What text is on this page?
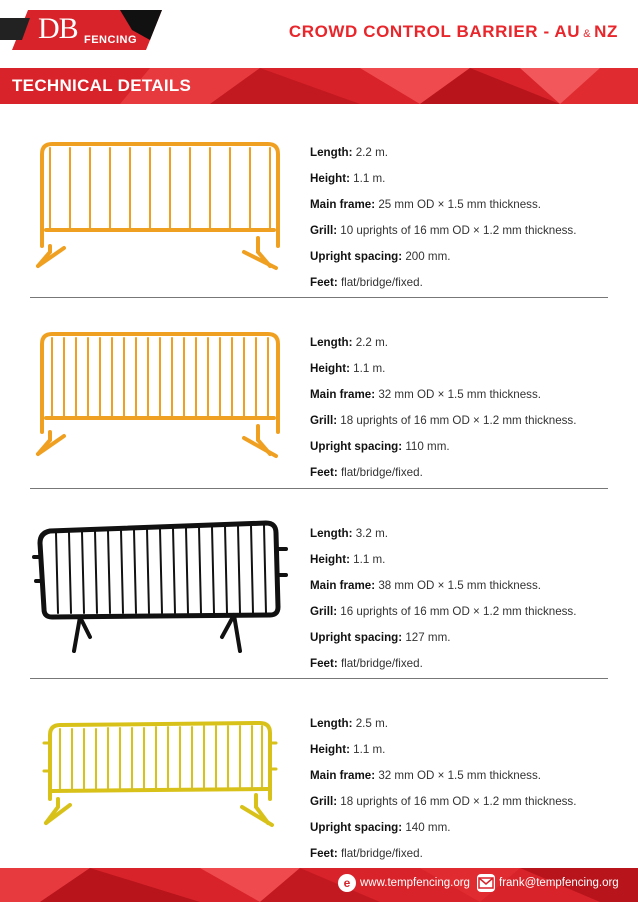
DB FENCING	CROWD CONTROL BARRIER - AU & NZ
TECHNICAL DETAILS
Length: 2.2 m.
Height: 1.1 m.
Main frame: 25 mm OD × 1.5 mm thickness.
Grill: 10 uprights of 16 mm OD × 1.2 mm thickness.
Upright spacing: 200 mm.
Feet: flat/bridge/fixed.
Length: 2.2 m.
Height: 1.1 m.
Main frame: 32 mm OD × 1.5 mm thickness.
Grill: 18 uprights of 16 mm OD × 1.2 mm thickness.
Upright spacing: 110 mm.
Feet: flat/bridge/fixed.
Length: 3.2 m.
Height: 1.1 m.
Main frame: 38 mm OD × 1.5 mm thickness.
Grill: 16 uprights of 16 mm OD × 1.2 mm thickness.
Upright spacing: 127 mm.
Feet: flat/bridge/fixed.
Length: 2.5 m.
Height: 1.1 m.
Main frame: 32 mm OD × 1.5 mm thickness.
Grill: 18 uprights of 16 mm OD × 1.2 mm thickness.
Upright spacing: 140 mm.
Feet: flat/bridge/fixed.
e www.tempfencing.org	frank@tempfencing.org
